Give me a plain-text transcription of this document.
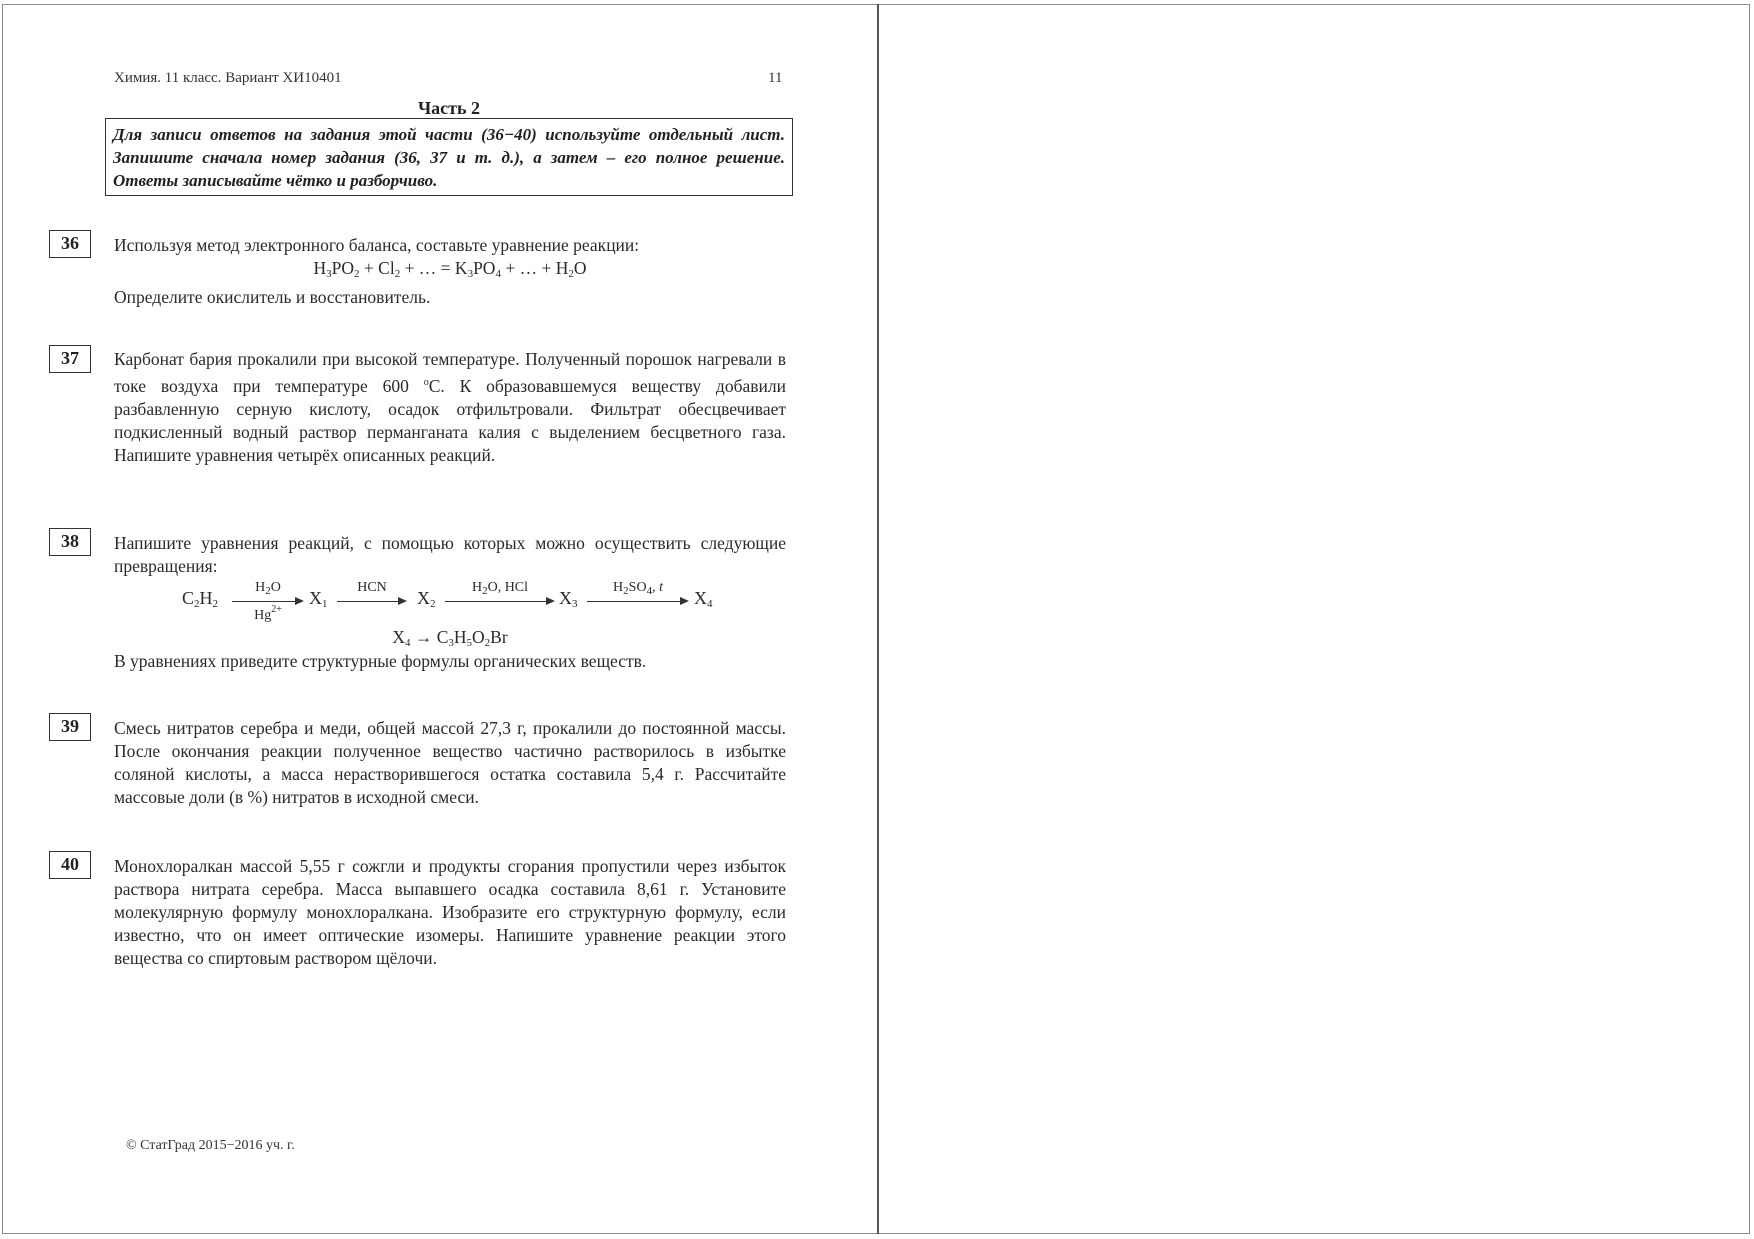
Химия. 11 класс. Вариант ХИ10401	11
Часть 2
Для записи ответов на задания этой части (36−40) используйте отдельный лист. Запишите сначала номер задания (36, 37 и т. д.), а затем – его полное решение. Ответы записывайте чётко и разборчиво.
36	Используя метод электронного баланса, составьте уравнение реакции:
$H_3PO_2 + Cl_2$ + … = $K_3PO_4$ + … + $H_2O$
Определите окислитель и восстановитель.
37	Карбонат бария прокалили при высокой температуре. Полученный порошок нагревали в токе воздуха при температуре 600 $^o$С. К образовавшемуся веществу добавили разбавленную серную кислоту, осадок отфильтровали. Фильтрат обесцвечивает подкисленный водный раствор перманганата калия с выделением бесцветного газа. Напишите уравнения четырёх описанных реакций.
38	Напишите уравнения реакций, с помощью которых можно осуществить следующие превращения:
$C_2H_2$
$H_2O$
$Hg^{2+}$
$X_1$
HCN
$X_2$
$H_2O$, HCl
$X_3$
$H_2SO_4$, t
$X_4$
$X_4 \to C_3H_5O_2Br$
В уравнениях приведите структурные формулы органических веществ.
39	Смесь нитратов серебра и меди, общей массой 27,3 г, прокалили до постоянной массы. После окончания реакции полученное вещество частично растворилось в избытке соляной кислоты, а масса нерастворившегося остатка составила 5,4 г. Рассчитайте массовые доли (в %) нитратов в исходной смеси.
40	Монохлоралкан массой 5,55 г сожгли и продукты сгорания пропустили через избыток раствора нитрата серебра. Масса выпавшего осадка составила 8,61 г. Установите молекулярную формулу монохлоралкана. Изобразите его структурную формулу, если известно, что он имеет оптические изомеры. Напишите уравнение реакции этого вещества со спиртовым раствором щёлочи.
© СтатГрад 2015−2016 уч. г.
